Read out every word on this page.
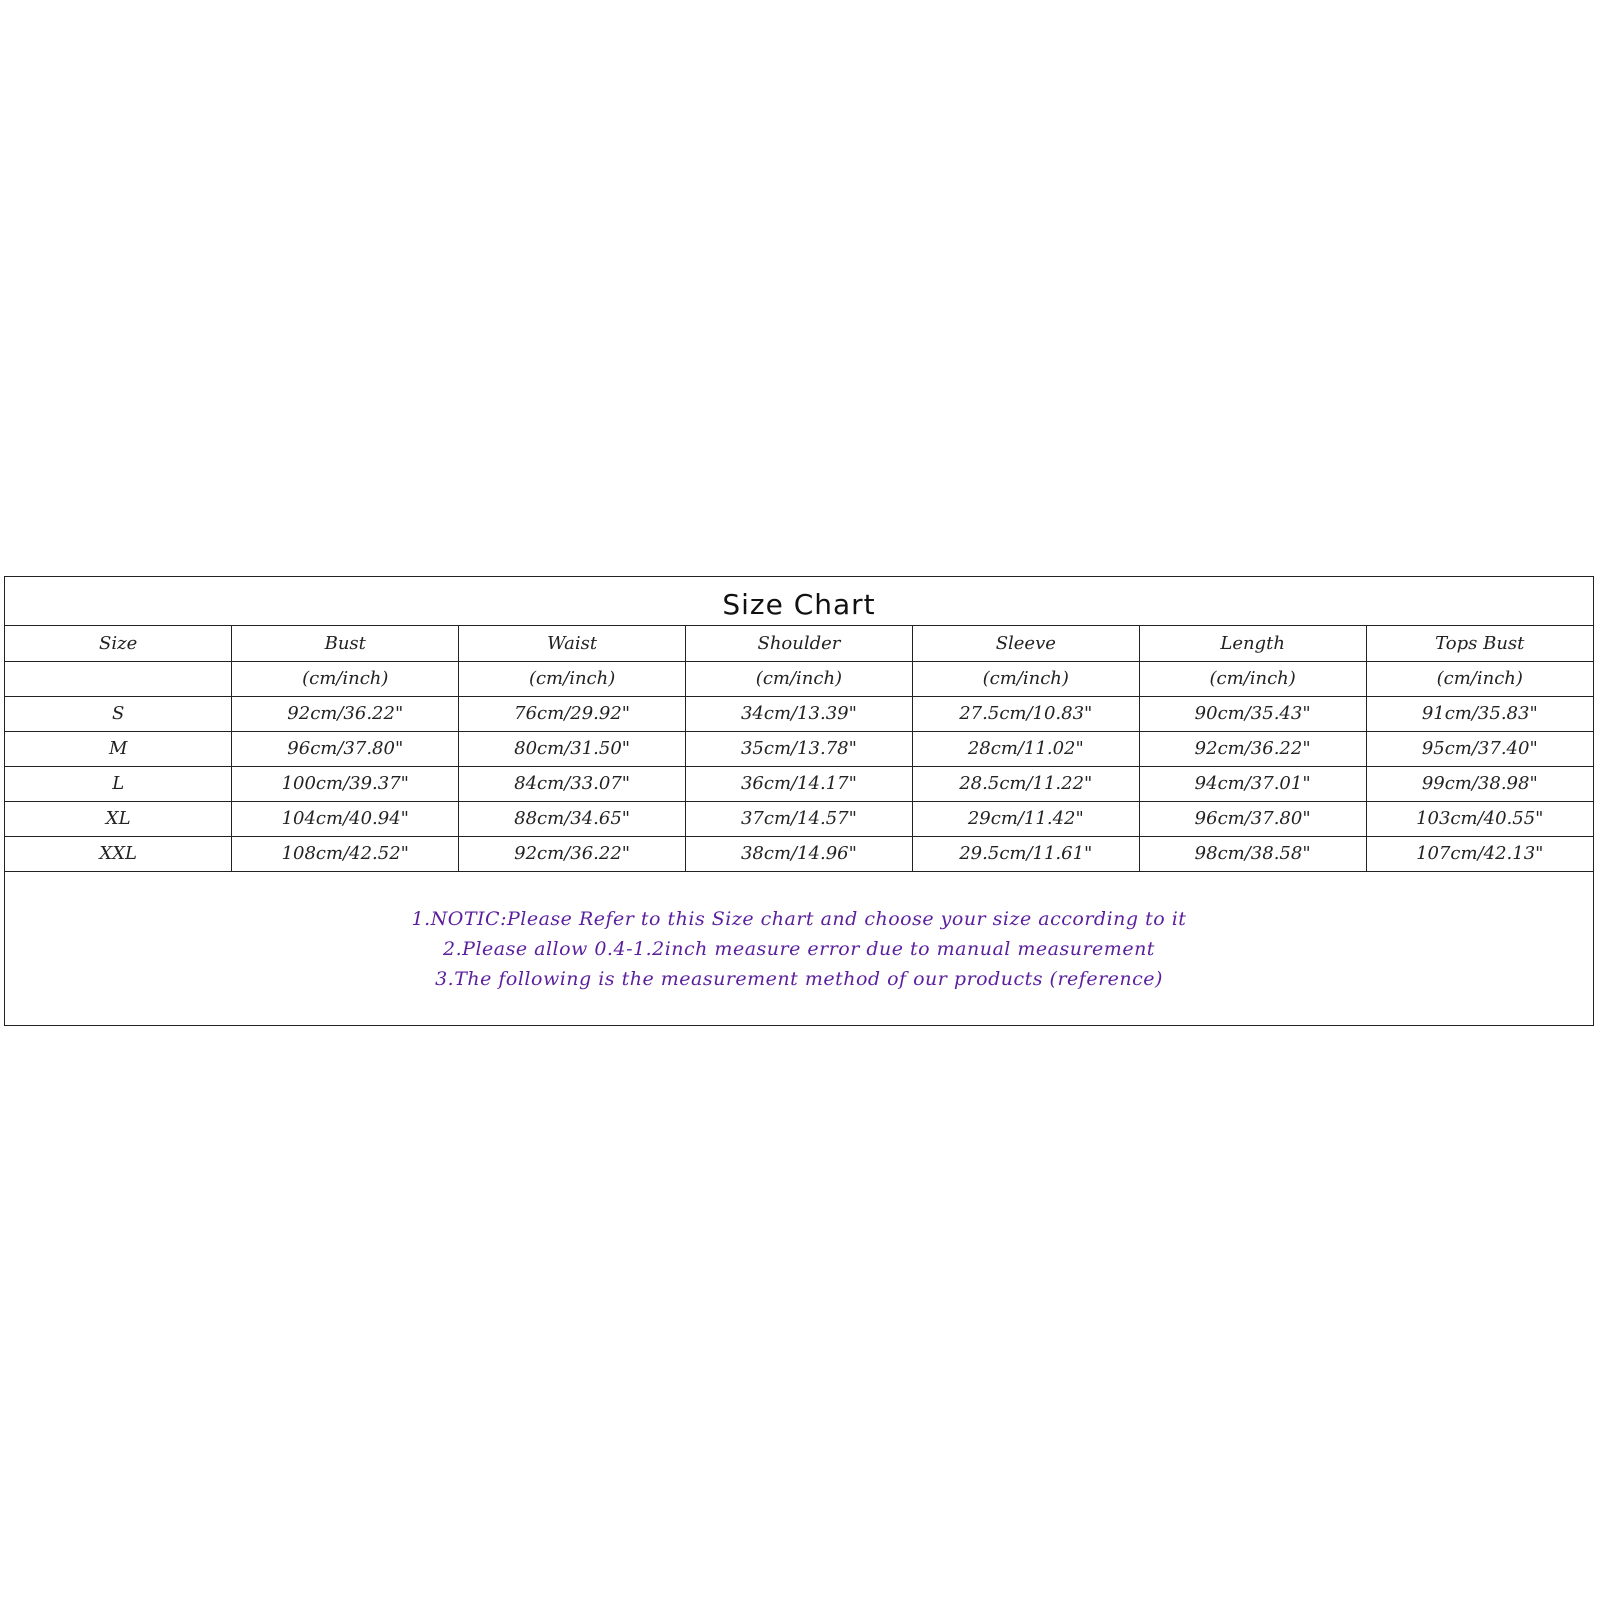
Size Chart
Size	Bust	Waist	Shoulder	Sleeve	Length	Tops Bust
	(cm/inch)	(cm/inch)	(cm/inch)	(cm/inch)	(cm/inch)	(cm/inch)
S	92cm/36.22"	76cm/29.92"	34cm/13.39"	27.5cm/10.83"	90cm/35.43"	91cm/35.83"
M	96cm/37.80"	80cm/31.50"	35cm/13.78"	28cm/11.02"	92cm/36.22"	95cm/37.40"
L	100cm/39.37"	84cm/33.07"	36cm/14.17"	28.5cm/11.22"	94cm/37.01"	99cm/38.98"
XL	104cm/40.94"	88cm/34.65"	37cm/14.57"	29cm/11.42"	96cm/37.80"	103cm/40.55"
XXL	108cm/42.52"	92cm/36.22"	38cm/14.96"	29.5cm/11.61"	98cm/38.58"	107cm/42.13"
1.NOTIC:Please Refer to this Size chart and choose your size according to it
2.Please allow 0.4-1.2inch measure error due to manual measurement
3.The following is the measurement method of our products (reference)
